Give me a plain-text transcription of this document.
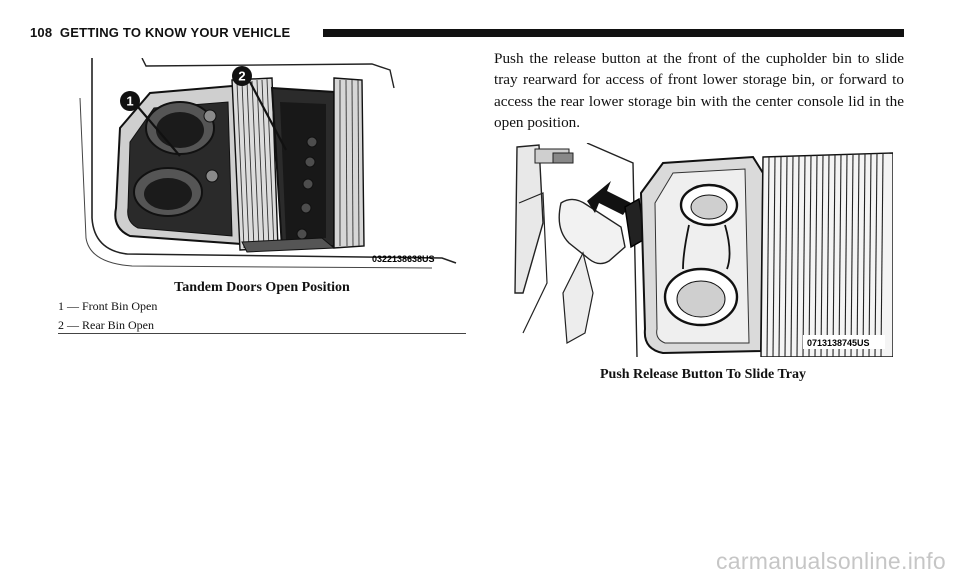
108 GETTING TO KNOW YOUR VEHICLE
1
2
0322138638US
Tandem Doors Open Position
1 — Front Bin Open
2 — Rear Bin Open
Push the release button at the front of the cupholder bin to slide tray rearward for access of front lower storage bin, or forward to access the rear lower storage bin with the center console lid in the open position.
0713138745US
Push Release Button To Slide Tray
carmanualsonline.info
